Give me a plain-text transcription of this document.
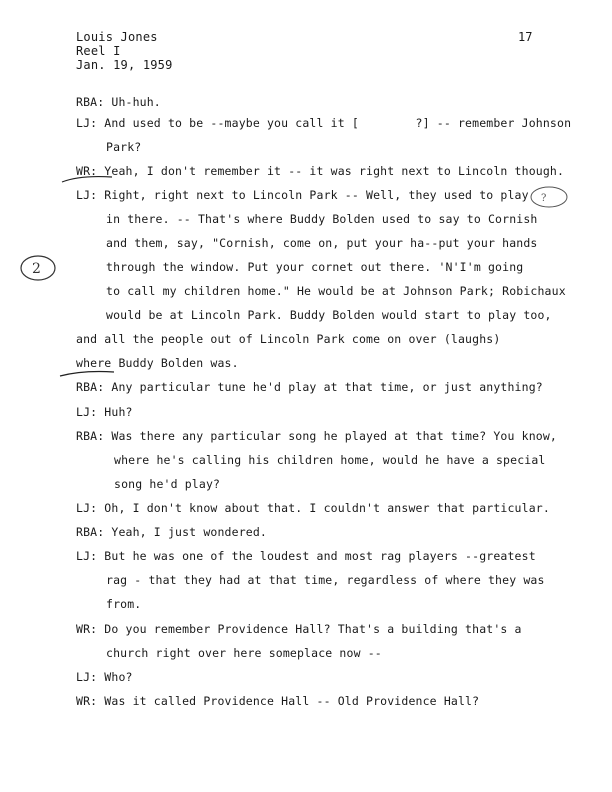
Louis Jones
Reel I
Jan. 19, 1959
17
?
2
RBA: Uh-huh.
LJ: And used to be --maybe you call it [        ?] -- remember Johnson
Park?
WR: Yeah, I don't remember it -- it was right next to Lincoln though.
LJ: Right, right next to Lincoln Park -- Well, they used to play
in there. -- That's where Buddy Bolden used to say to Cornish
and them, say, "Cornish, come on, put your ha--put your hands
through the window. Put your cornet out there. 'N'I'm going
to call my children home." He would be at Johnson Park; Robichaux
would be at Lincoln Park. Buddy Bolden would start to play too,
and all the people out of Lincoln Park come on over (laughs)
where Buddy Bolden was.
RBA: Any particular tune he'd play at that time, or just anything?
LJ: Huh?
RBA: Was there any particular song he played at that time? You know,
where he's calling his children home, would he have a special
song he'd play?
LJ: Oh, I don't know about that. I couldn't answer that particular.
RBA: Yeah, I just wondered.
LJ: But he was one of the loudest and most rag players --greatest
rag - that they had at that time, regardless of where they was
from.
WR: Do you remember Providence Hall? That's a building that's a
church right over here someplace now --
LJ: Who?
WR: Was it called Providence Hall -- Old Providence Hall?
